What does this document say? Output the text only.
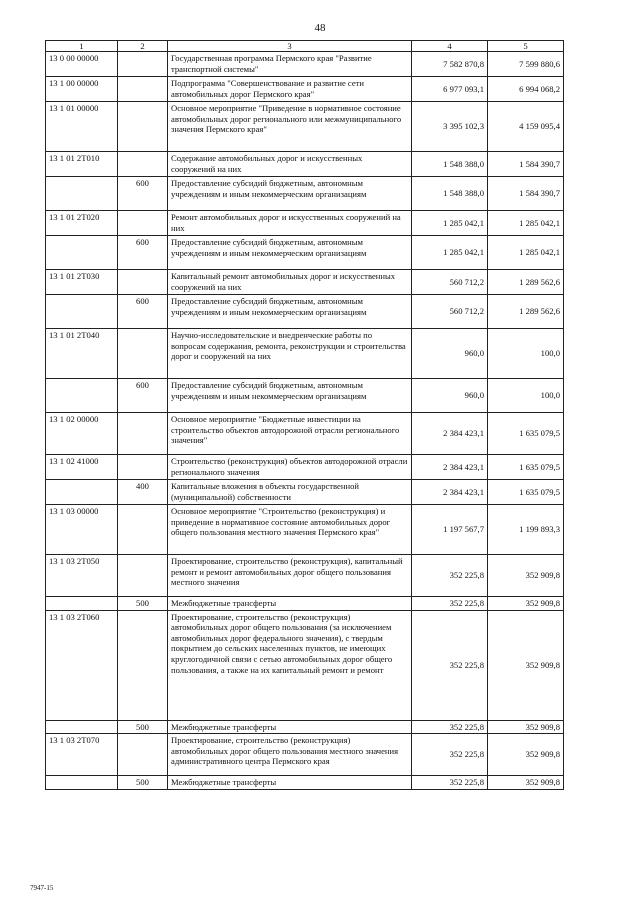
48
1	2	3	4	5
13 0 00 00000		Государственная программа Пермского края "Развитие транспортной системы"	7 582 870,8	7 599 880,6
13 1 00 00000		Подпрограмма "Совершенствование и развитие сети автомобильных дорог Пермского края"	6 977 093,1	6 994 068,2
13 1 01 00000		Основное мероприятие "Приведение в нормативное состояние автомобильных дорог регионального или межмуниципального значения Пермского края"	3 395 102,3	4 159 095,4
13 1 01 2Т010		Содержание автомобильных дорог и искусственных сооружений на них	1 548 388,0	1 584 390,7
	600	Предоставление субсидий бюджетным, автономным учреждениям и иным некоммерческим организациям	1 548 388,0	1 584 390,7
13 1 01 2Т020		Ремонт автомобильных дорог и искусственных сооружений на них	1 285 042,1	1 285 042,1
	600	Предоставление субсидий бюджетным, автономным учреждениям и иным некоммерческим организациям	1 285 042,1	1 285 042,1
13 1 01 2Т030		Капитальный ремонт автомобильных дорог и искусственных сооружений на них	560 712,2	1 289 562,6
	600	Предоставление субсидий бюджетным, автономным учреждениям и иным некоммерческим организациям	560 712,2	1 289 562,6
13 1 01 2Т040		Научно-исследовательские и внедренческие работы по вопросам содержания, ремонта, реконструкции и строительства дорог и сооружений на них	960,0	100,0
	600	Предоставление субсидий бюджетным, автономным учреждениям и иным некоммерческим организациям	960,0	100,0
13 1 02 00000		Основное мероприятие "Бюджетные инвестиции на строительство объектов автодорожной отрасли регионального значения"	2 384 423,1	1 635 079,5
13 1 02 41000		Строительство (реконструкция) объектов автодорожной отрасли регионального значения	2 384 423,1	1 635 079,5
	400	Капитальные вложения в объекты государственной (муниципальной) собственности	2 384 423,1	1 635 079,5
13 1 03 00000		Основное мероприятие "Строительство (реконструкция) и приведение в нормативное состояние автомобильных дорог общего пользования местного значения Пермского края"	1 197 567,7	1 199 893,3
13 1 03 2Т050		Проектирование, строительство (реконструкция), капитальный ремонт и ремонт автомобильных дорог общего пользования местного значения	352 225,8	352 909,8
	500	Межбюджетные трансферты	352 225,8	352 909,8
13 1 03 2Т060		Проектирование, строительство (реконструкция) автомобильных дорог общего пользования (за исключением автомобильных дорог федерального значения), с твердым покрытием до сельских населенных пунктов, не имеющих круглогодичной связи с сетью автомобильных дорог общего пользования, а также на их капитальный ремонт и ремонт	352 225,8	352 909,8
	500	Межбюджетные трансферты	352 225,8	352 909,8
13 1 03 2Т070		Проектирование, строительство (реконструкция) автомобильных дорог общего пользования местного значения административного центра Пермского края	352 225,8	352 909,8
	500	Межбюджетные трансферты	352 225,8	352 909,8
7947-15
